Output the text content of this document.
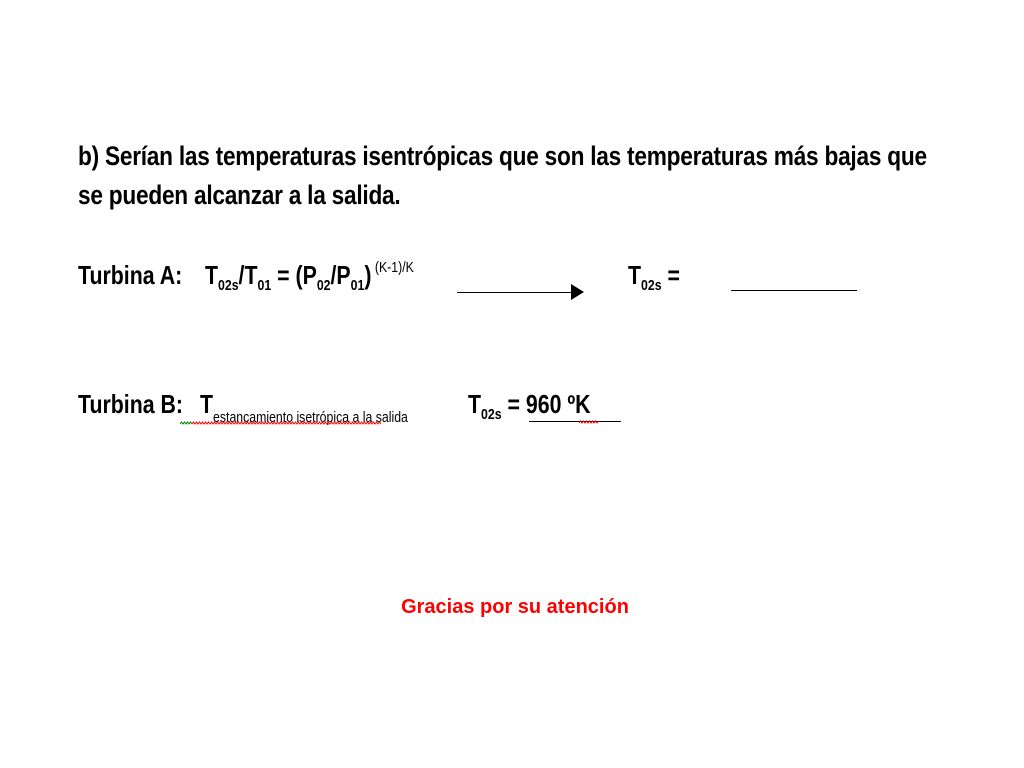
b) Serían las temperaturas isentrópicas que son las temperaturas más bajas que
se pueden alcanzar a la salida.
Turbina A: $T_{02s}/T_{01} = (P_{02}/P_{01})$ $^{(K-1)/K}$	$T_{02s}$ =
Turbina B: $T_{estancamiento isetrópica a la salida}$ $T_{02s} = 960$ ºK
Gracias por su atención
